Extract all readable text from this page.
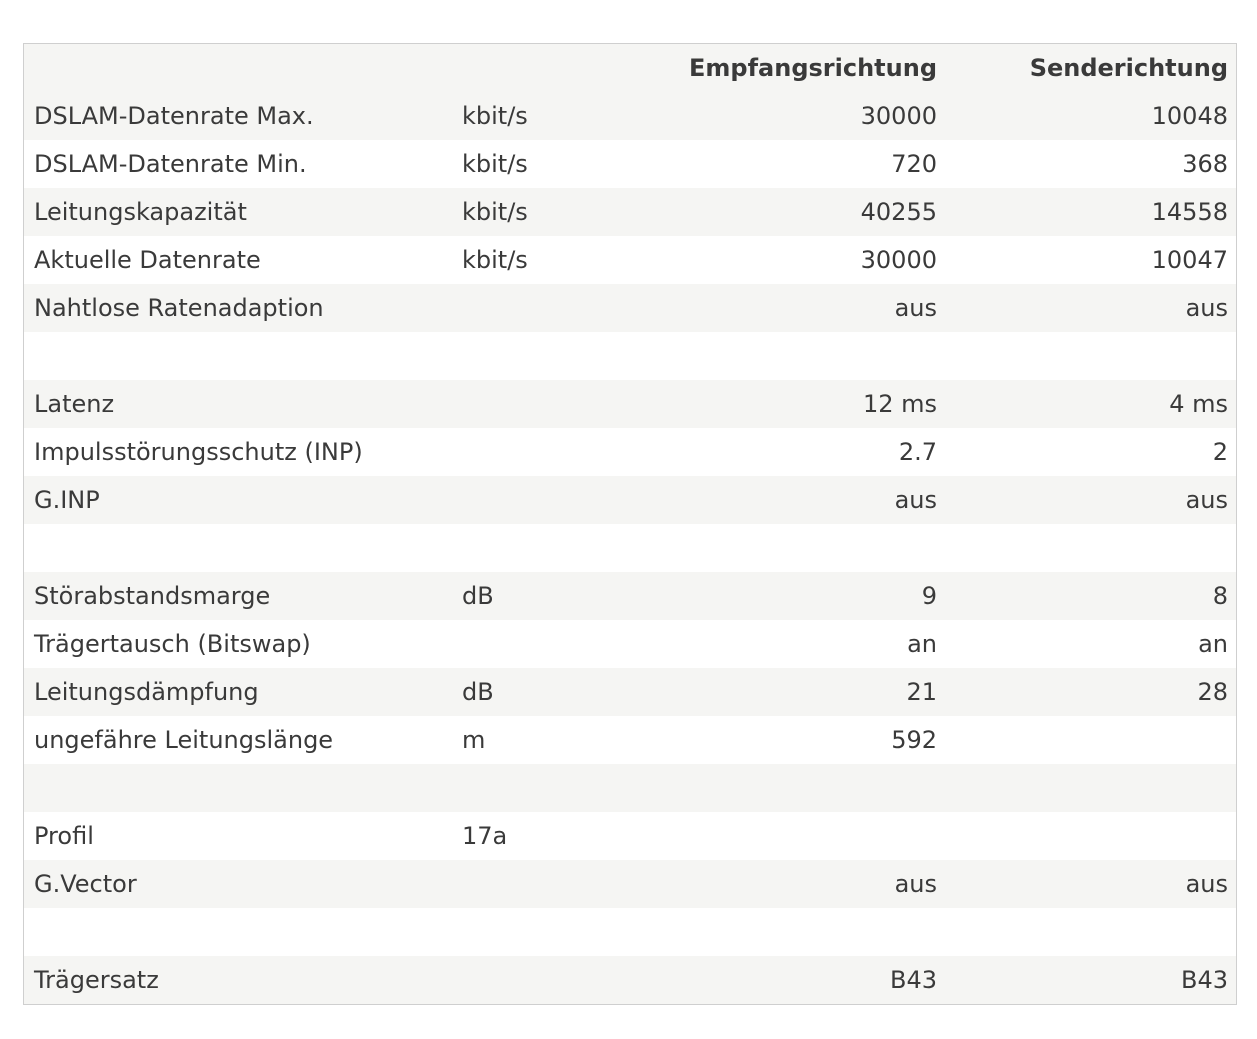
		Empfangsrichtung	Senderichtung
DSLAM-Datenrate Max.	kbit/s	30000	10048
DSLAM-Datenrate Min.	kbit/s	720	368
Leitungskapazität	kbit/s	40255	14558
Aktuelle Datenrate	kbit/s	30000	10047
Nahtlose Ratenadaption		aus	aus

Latenz		12 ms	4 ms
Impulsstörungsschutz (INP)		2.7	2
G.INP		aus	aus

Störabstandsmarge	dB	9	8
Trägertausch (Bitswap)		an	an
Leitungsdämpfung	dB	21	28
ungefähre Leitungslänge	m	592	

Profil	17a		
G.Vector		aus	aus

Trägersatz		B43	B43
